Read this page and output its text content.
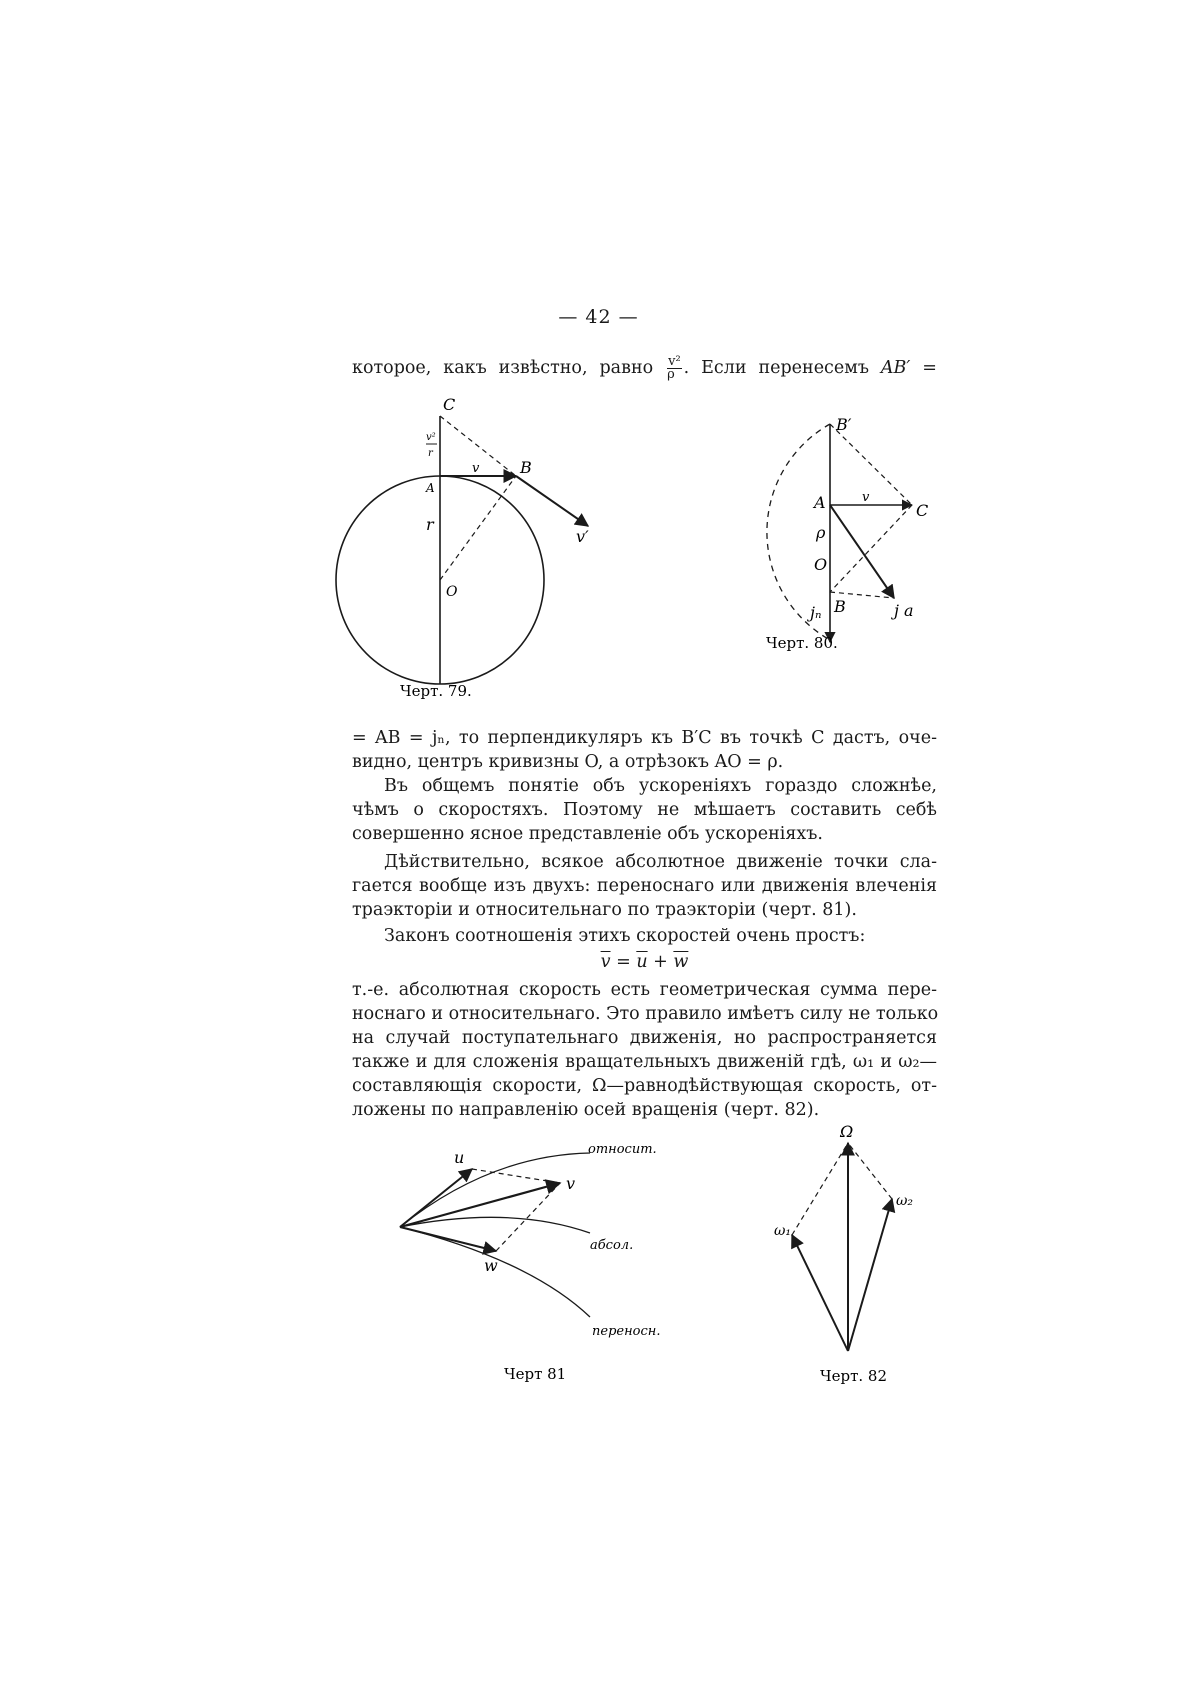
— 42 —
которое, какъ извѣстно, равно $\frac{\text{v²}}{\rho}$ . Если перенесемъ AB′ =
C
A
B
v
v′
r
O
v²
r
Черт. 79.
B′
A	v
C
ρ
O
jₙ B	j a
Черт. 80.
= AB = jₙ, то перпендикуляръ къ B′C въ точкѣ C дастъ, оче-
видно, центръ кривизны O, а отрѣзокъ AO = ρ.
Въ общемъ понятіе объ ускореніяхъ гораздо сложнѣе,
чѣмъ о скоростяхъ. Поэтому не мѣшаетъ составить себѣ
совершенно ясное представленіе объ ускореніяхъ.
Дѣйствительно, всякое абсолютное движеніе точки сла-
гается вообще изъ двухъ: переноснаго или движенія влеченія
траэкторіи и относительнаго по траэкторіи (черт. 81).
Законъ соотношенія этихъ скоростей очень простъ:
$\overline{v} = \overline{u} + \overline{w}$
т.-е. абсолютная скорость есть геометрическая сумма пере-
носнаго и относительнаго. Это правило имѣетъ силу не только
на случай поступательнаго движенія, но распространяется
также и для сложенія вращательныхъ движеній гдѣ, ω₁ и ω₂—
составляющія скорости, Ω—равнодѣйствующая скорость, от-
ложены по направленію осей вращенія (черт. 82).
u
v
w
относит.
абсол.
переносн.
Черт 81
Ω
ω₁
ω₂
Черт. 82
